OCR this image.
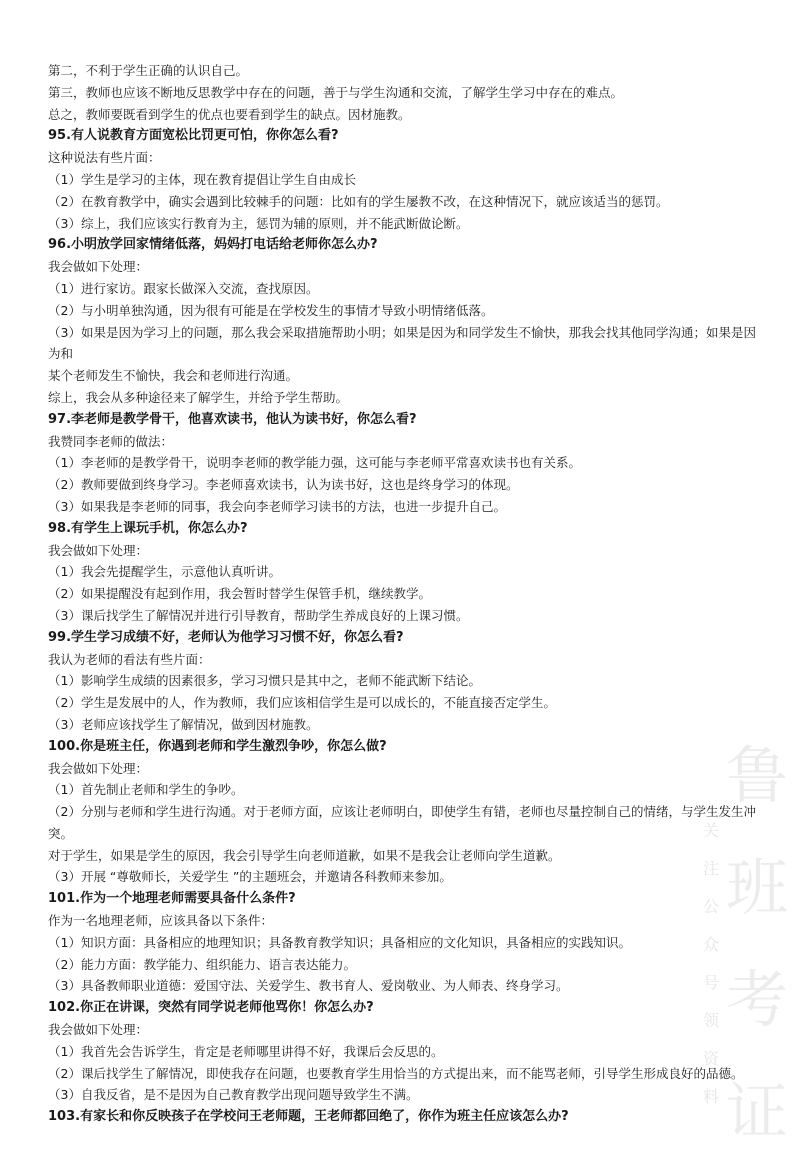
第二，不利于学生正确的认识自己。
第三，教师也应该不断地反思教学中存在的问题，善于与学生沟通和交流，了解学生学习中存在的难点。
总之，教师要既看到学生的优点也要看到学生的缺点。因材施教。
95.有人说教育方面宽松比罚更可怕，你你怎么看?
这种说法有些片面：
（1）学生是学习的主体，现在教育提倡让学生自由成长
（2）在教育教学中，确实会遇到比较棘手的问题：比如有的学生屡教不改，在这种情况下，就应该适当的惩罚。
（3）综上，我们应该实行教育为主，惩罚为辅的原则，并不能武断做论断。
96.小明放学回家情绪低落，妈妈打电话给老师你怎么办?
我会做如下处理：
（1）进行家访。跟家长做深入交流，查找原因。
（2）与小明单独沟通，因为很有可能是在学校发生的事情才导致小明情绪低落。
（3）如果是因为学习上的问题，那么我会采取措施帮助小明；如果是因为和同学发生不愉快，那我会找其他同学沟通；如果是因为和
某个老师发生不愉快，我会和老师进行沟通。
综上，我会从多种途径来了解学生，并给予学生帮助。
97.李老师是教学骨干，他喜欢读书，他认为读书好，你怎么看?
我赞同李老师的做法：
（1）李老师的是教学骨干，说明李老师的教学能力强，这可能与李老师平常喜欢读书也有关系。
（2）教师要做到终身学习。李老师喜欢读书，认为读书好，这也是终身学习的体现。
（3）如果我是李老师的同事，我会向李老师学习读书的方法，也进一步提升自己。
98.有学生上课玩手机，你怎么办?
我会做如下处理：
（1）我会先提醒学生，示意他认真听讲。
（2）如果提醒没有起到作用，我会暂时替学生保管手机，继续教学。
（3）课后找学生了解情况并进行引导教育，帮助学生养成良好的上课习惯。
99.学生学习成绩不好，老师认为他学习习惯不好，你怎么看?
我认为老师的看法有些片面：
（1）影响学生成绩的因素很多，学习习惯只是其中之，老师不能武断下结论。
（2）学生是发展中的人，作为教师，我们应该相信学生是可以成长的，不能直接否定学生。
（3）老师应该找学生了解情况，做到因材施教。
100.你是班主任，你遇到老师和学生激烈争吵，你怎么做?
我会做如下处理：
（1）首先制止老师和学生的争吵。
（2）分别与老师和学生进行沟通。对于老师方面，应该让老师明白，即使学生有错，老师也尽量控制自己的情绪，与学生发生冲突。
对于学生，如果是学生的原因，我会引导学生向老师道歉，如果不是我会让老师向学生道歉。
（3）开展 “尊敬师长，关爱学生 ”的主题班会，并邀请各科教师来参加。
101.作为一个地理老师需要具备什么条件?
作为一名地理老师，应该具备以下条件：
（1）知识方面：具备相应的地理知识；具备教育教学知识；具备相应的文化知识，具备相应的实践知识。
（2）能力方面：教学能力、组织能力、语言表达能力。
（3）具备教师职业道德：爱国守法、关爱学生、教书育人、爱岗敬业、为人师表、终身学习。
102.你正在讲课，突然有同学说老师他骂你！你怎么办?
我会做如下处理：
（1）我首先会告诉学生，肯定是老师哪里讲得不好，我课后会反思的。
（2）课后找学生了解情况，即使我存在问题，也要教育学生用恰当的方式提出来，而不能骂老师，引导学生形成良好的品德。
（3）自我反省，是不是因为自己教育教学出现问题导致学生不满。
103.有家长和你反映孩子在学校问王老师题，王老师都回绝了，你作为班主任应该怎么办?
鲁
班
考
证
关
注
公
众
号
领
资
料
